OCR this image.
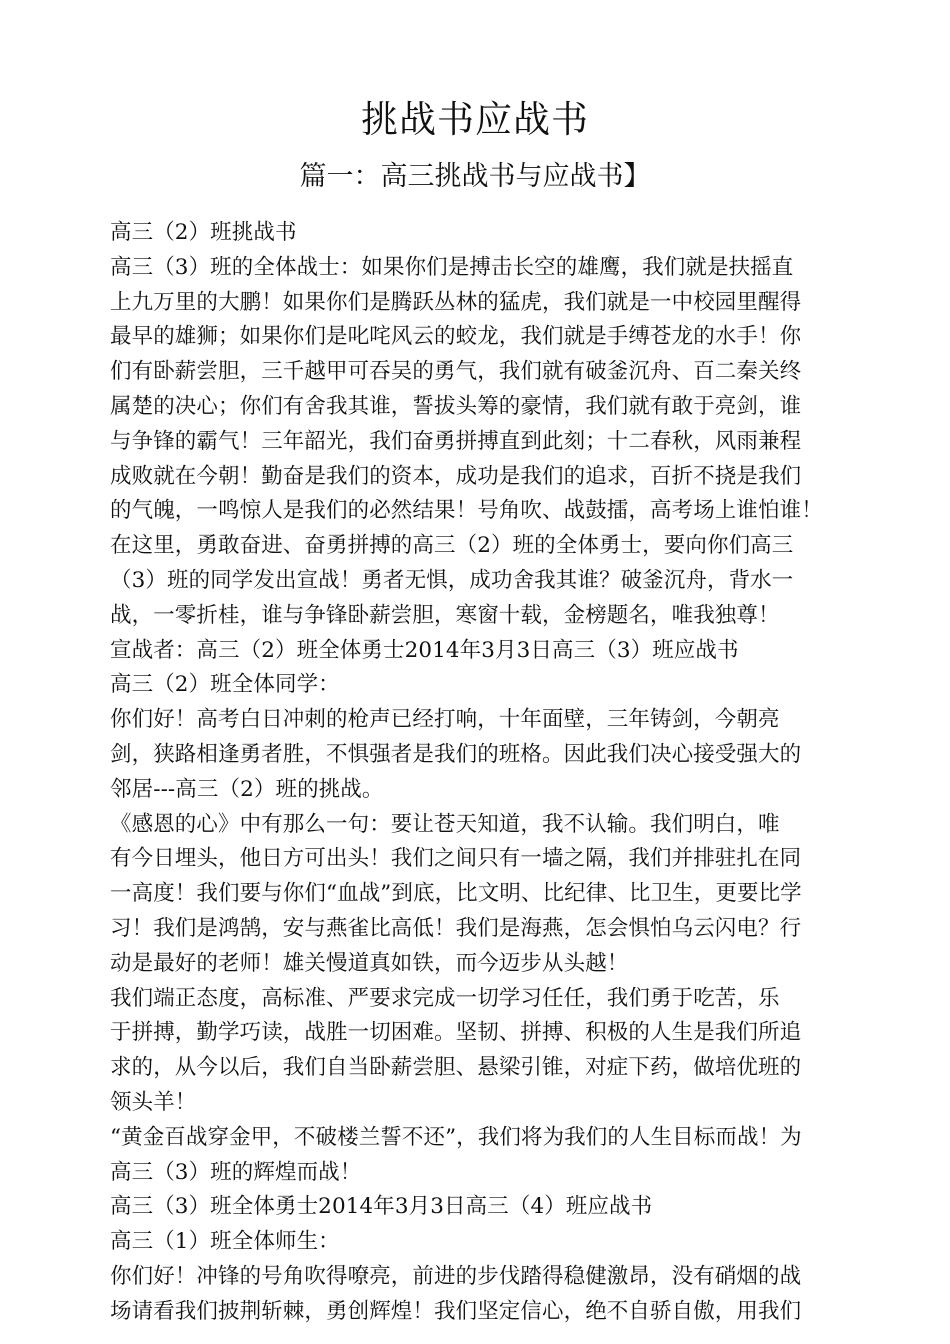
挑战书应战书
篇一：高三挑战书与应战书】
高三（2）班挑战书
高三（3）班的全体战士：如果你们是搏击长空的雄鹰，我们就是扶摇直
上九万里的大鹏！如果你们是腾跃丛林的猛虎，我们就是一中校园里醒得
最早的雄狮；如果你们是叱咤风云的蛟龙，我们就是手缚苍龙的水手！你
们有卧薪尝胆，三千越甲可吞吴的勇气，我们就有破釜沉舟、百二秦关终
属楚的决心；你们有舍我其谁，誓拔头筹的豪情，我们就有敢于亮剑，谁
与争锋的霸气！三年韶光，我们奋勇拼搏直到此刻；十二春秋，风雨兼程
成败就在今朝！勤奋是我们的资本，成功是我们的追求，百折不挠是我们
的气魄，一鸣惊人是我们的必然结果！号角吹、战鼓擂，高考场上谁怕谁！
在这里，勇敢奋进、奋勇拼搏的高三（2）班的全体勇士，要向你们高三
（3）班的同学发出宣战！勇者无惧，成功舍我其谁？破釜沉舟，背水一
战，一零折桂，谁与争锋卧薪尝胆，寒窗十载，金榜题名，唯我独尊！
宣战者：高三（2）班全体勇士2014年3月3日高三（3）班应战书
高三（2）班全体同学：
你们好！高考白日冲刺的枪声已经打响，十年面壁，三年铸剑，今朝亮
剑，狭路相逢勇者胜，不惧强者是我们的班格。因此我们决心接受强大的
邻居---高三（2）班的挑战。
《感恩的心》中有那么一句：要让苍天知道，我不认输。我们明白，唯
有今日埋头，他日方可出头！我们之间只有一墙之隔，我们并排驻扎在同
一高度！我们要与你们“血战”到底，比文明、比纪律、比卫生，更要比学
习！我们是鸿鹄，安与燕雀比高低！我们是海燕，怎会惧怕乌云闪电？行
动是最好的老师！雄关慢道真如铁，而今迈步从头越！
我们端正态度，高标准、严要求完成一切学习任任，我们勇于吃苦，乐
于拼搏，勤学巧读，战胜一切困难。坚韧、拼搏、积极的人生是我们所追
求的，从今以后，我们自当卧薪尝胆、悬梁引锥，对症下药，做培优班的
领头羊！
“黄金百战穿金甲，不破楼兰誓不还”，我们将为我们的人生目标而战！为
高三（3）班的辉煌而战！
高三（3）班全体勇士2014年3月3日高三（4）班应战书
高三（1）班全体师生：
你们好！冲锋的号角吹得嘹亮，前进的步伐踏得稳健激昂，没有硝烟的战
场请看我们披荆斩棘，勇创辉煌！我们坚定信心，绝不自骄自傲，用我们
